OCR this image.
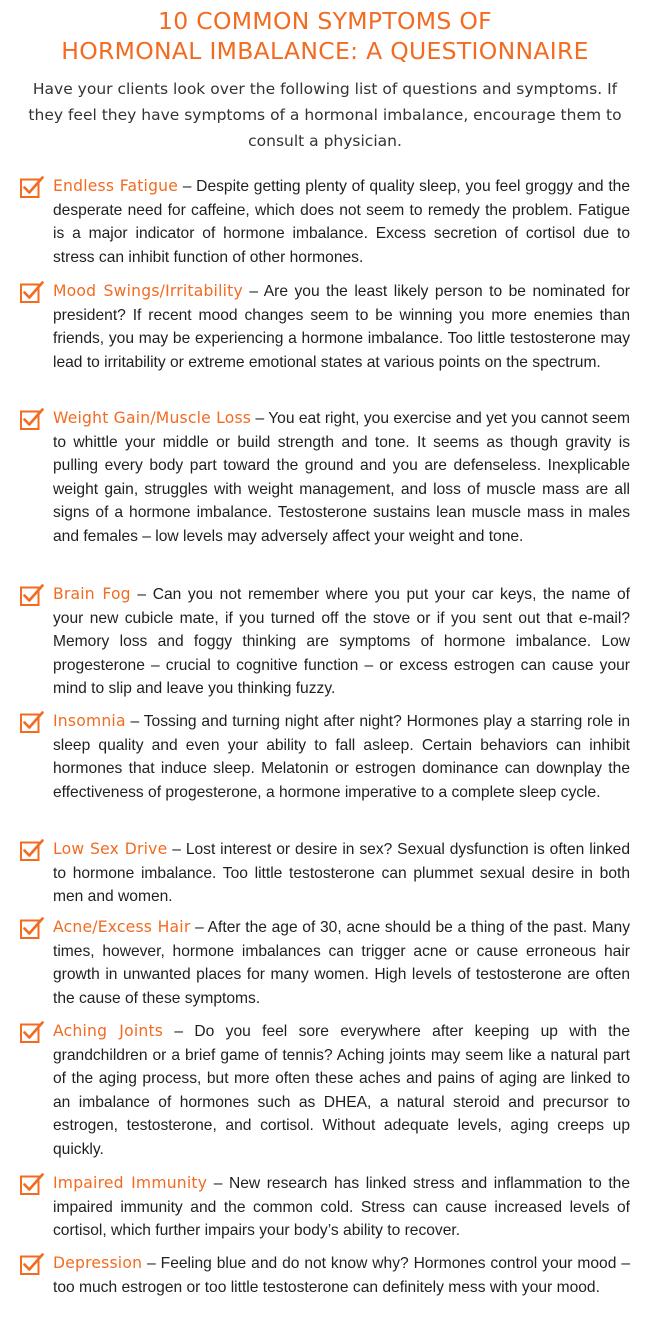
10 COMMON SYMPTOMS OF
HORMONAL IMBALANCE: A QUESTIONNAIRE
Have your clients look over the following list of questions and symptoms. If they feel they have symptoms of a hormonal imbalance, encourage them to consult a physician.
Endless Fatigue – Despite getting plenty of quality sleep, you feel groggy and the desperate need for caffeine, which does not seem to remedy the problem. Fatigue is a major indicator of hormone imbalance. Excess secretion of cortisol due to stress can inhibit function of other hormones.
Mood Swings/Irritability – Are you the least likely person to be nominated for president? If recent mood changes seem to be winning you more enemies than friends, you may be experiencing a hormone imbalance. Too little testosterone may lead to irritability or extreme emotional states at various points on the spectrum.
Weight Gain/Muscle Loss – You eat right, you exercise and yet you cannot seem to whittle your middle or build strength and tone. It seems as though gravity is pulling every body part toward the ground and you are defenseless. Inexplicable weight gain, struggles with weight management, and loss of muscle mass are all signs of a hormone imbalance. Testosterone sustains lean muscle mass in males and females – low levels may adversely affect your weight and tone.
Brain Fog – Can you not remember where you put your car keys, the name of your new cubicle mate, if you turned off the stove or if you sent out that e-mail? Memory loss and foggy thinking are symptoms of hormone imbalance. Low progesterone – crucial to cognitive function – or excess estrogen can cause your mind to slip and leave you thinking fuzzy.
Insomnia – Tossing and turning night after night? Hormones play a starring role in sleep quality and even your ability to fall asleep. Certain behaviors can inhibit hormones that induce sleep. Melatonin or estrogen dominance can downplay the effectiveness of progesterone, a hormone imperative to a complete sleep cycle.
Low Sex Drive – Lost interest or desire in sex? Sexual dysfunction is often linked to hormone imbalance. Too little testosterone can plummet sexual desire in both men and women.
Acne/Excess Hair – After the age of 30, acne should be a thing of the past. Many times, however, hormone imbalances can trigger acne or cause erroneous hair growth in unwanted places for many women. High levels of testosterone are often the cause of these symptoms.
Aching Joints – Do you feel sore everywhere after keeping up with the grandchildren or a brief game of tennis? Aching joints may seem like a natural part of the aging process, but more often these aches and pains of aging are linked to an imbalance of hormones such as DHEA, a natural steroid and precursor to estrogen, testosterone, and cortisol. Without adequate levels, aging creeps up quickly.
Impaired Immunity – New research has linked stress and inflammation to the impaired immunity and the common cold. Stress can cause increased levels of cortisol, which further impairs your body’s ability to recover.
Depression – Feeling blue and do not know why? Hormones control your mood – too much estrogen or too little testosterone can definitely mess with your mood.
